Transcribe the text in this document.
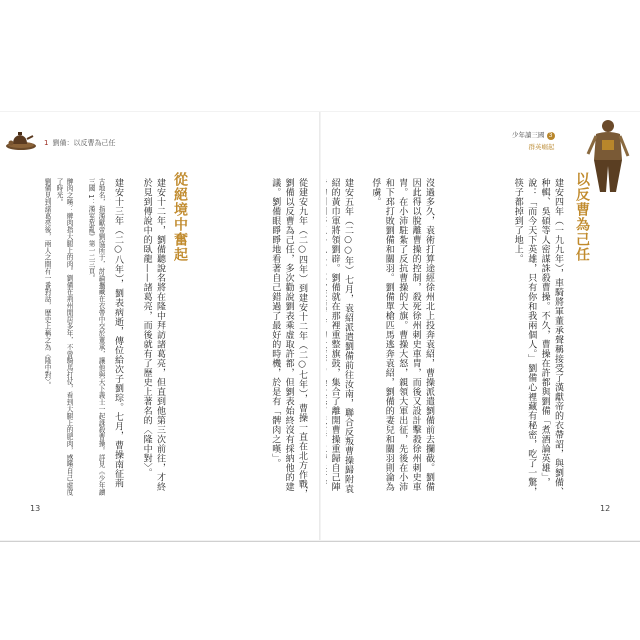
1 劉備：以反曹為己任
少年讀三國 3
群英崛起
以反曹為己任
建安四年（一九九年），車騎將軍董承聲稱接受了漢獻帝的衣帶詔，與劉備、种輯、吳碩等人密謀誅殺曹操。不久，曹操在許都與劉備「煮酒論英雄」，說：「而今天下英雄，只有你和我兩個人。」劉備心裡藏有秘密，吃了一驚，筷子都掉到了地上。
沒過多久，袁術打算途經徐州北上投奔袁紹，曹操派遣劉備前去攔截。劉備因此得以脫離曹操的控制，殺死徐州刺史車冑，而後又設計擊殺徐州刺史車胄。在小沛駐紮了反抗曹操的大旗。曹操大怒，親領大軍出征，先後在小沛和下邳打敗劉備和關羽。劉備單槍匹馬逃奔袁紹，劉備的妻兒和關羽則淪為俘虜。
建安五年（二○○年）七月，袁紹派遣劉備前往汝南，聯合反叛曹操歸附袁紹的黃巾軍將領劉辟。劉備就在那裡重整旗鼓，集合了離開曹操重歸自己陣
從絕境中奮起	從建安九年（二○四年）到建安十二年（二○七年），曹操一直在北方作戰，劉備以反曹為己任，多次勸說劉表乘虛取許都，但劉表始終沒有採納他的建議。劉備眼睜睜地看著自己錯過了最好的時機，於是有「髀肉之嘆」。
建安十二年，劉備聽說名將在隆中拜訪諸葛亮，但直到他第三次前往，才終於見到傳說中的臥龍——諸葛亮，而後就有了歷史上著名的〈隆中對〉。
建安十三年（二○八年），劉表病逝，傳位給次子劉琮。七月，曹操南征荊
古地名，指漢獻帝劉協所于，討論攜藏在衣帶中交於董承，讓他與天下義士一起誅殺曹操。詳見《少年讀三國 1：漢室危亂》第一二三頁。
髀肉之嘆：髀肉指大腿上的肉。劉備在荊州閒居多年，不曾騎馬打仗，看到大腿上的肥肉，感嘆自己虛度了時光。
劉備見到諸葛亮後，兩人之間有一番對話，歷史上稱之為〈隆中對〉。
13	12
